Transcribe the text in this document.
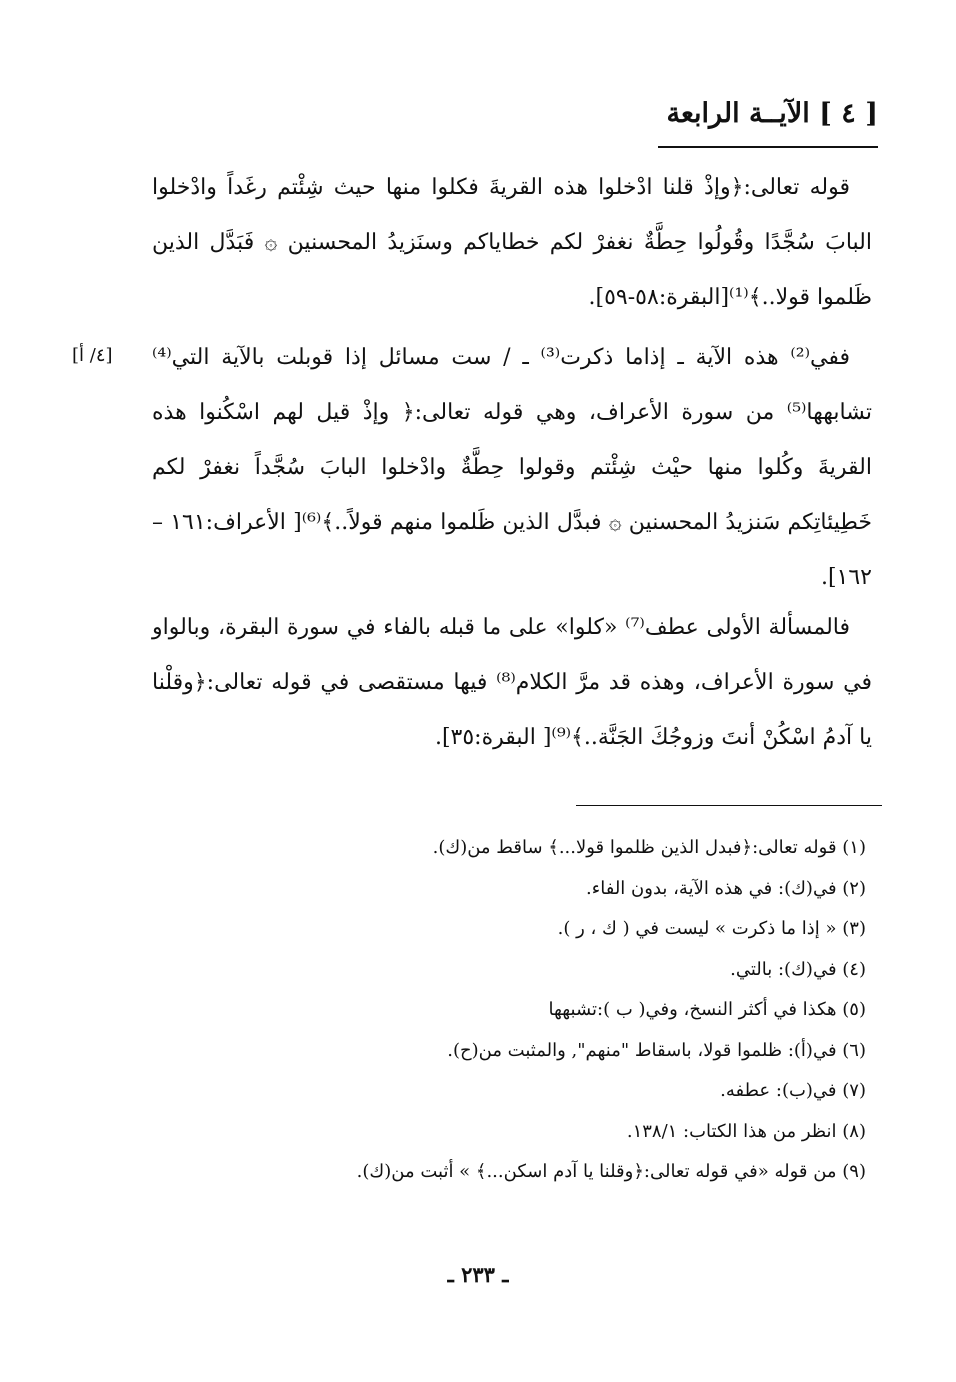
[ ٤ ] الآيــة الرابعة

قوله تعالى:﴿وإذْ قلنا ادْخلوا هذه القريةَ فكلوا منها حيث شِئْتم رغَداً وادْخلوا البابَ سُجَّدًا وقُولُوا حِطَّةٌ نغفرْ لكم خطاياكم وسنَزيدُ المحسنين ۞ فَبَدَّل الذين ظَلموا قولا..﴾⁽¹⁾[البقرة:٥٨-٥٩].

ففي⁽²⁾ هذه الآية ـ إذاما ذكرت⁽³⁾ ـ / ست مسائل إذا قوبلت بالآية التي⁽⁴⁾ تشابهها⁽⁵⁾ من سورة الأعراف، وهي قوله تعالى:﴿ وإذْ قيل لهم اسْكُنوا هذه القريةَ وكُلوا منها حيْث شِئْتم وقولوا حِطَّةٌ وادْخلوا البابَ سُجَّداً نغفرْ لكم خَطِيئاتِكم سَنزيدُ المحسنين ۞ فبدَّل الذين ظَلموا منهم قولاً..﴾⁽⁶⁾[ الأعراف:١٦١ – ١٦٢].

[٤/ أ]

فالمسألة الأولى عطف⁽⁷⁾ «كلوا» على ما قبله بالفاء في سورة البقرة، وبالواو في سورة الأعراف، وهذه قد مرَّ الكلام⁽⁸⁾ فيها مستقصى في قوله تعالى:﴿وقلْنا يا آدمُ اسْكُنْ أنتَ وزوجُكَ الجَنَّة..﴾⁽⁹⁾[ البقرة:٣٥].

(١) قوله تعالى:﴿فبدل الذين ظلموا قولا...﴾ ساقط من(ك).
(٢) في(ك): في هذه الآية، بدون الفاء.
(٣) « إذا ما ذكرت » ليست في ( ك ، ر ).
(٤) في(ك): بالتي.
(٥) هكذا في أكثر النسخ، وفي( ب ):تشبهها
(٦) في(أ): ظلموا قولا، باسقاط "منهم", والمثبت من(ح).
(٧) في(ب): عطفه.
(٨) انظر من هذا الكتاب: ١٣٨/١.
(٩) من قوله «في قوله تعالى:﴿وقلنا يا آدم اسكن...﴾ » أثبت من(ك).
ـ ٢٣٣ ـ
